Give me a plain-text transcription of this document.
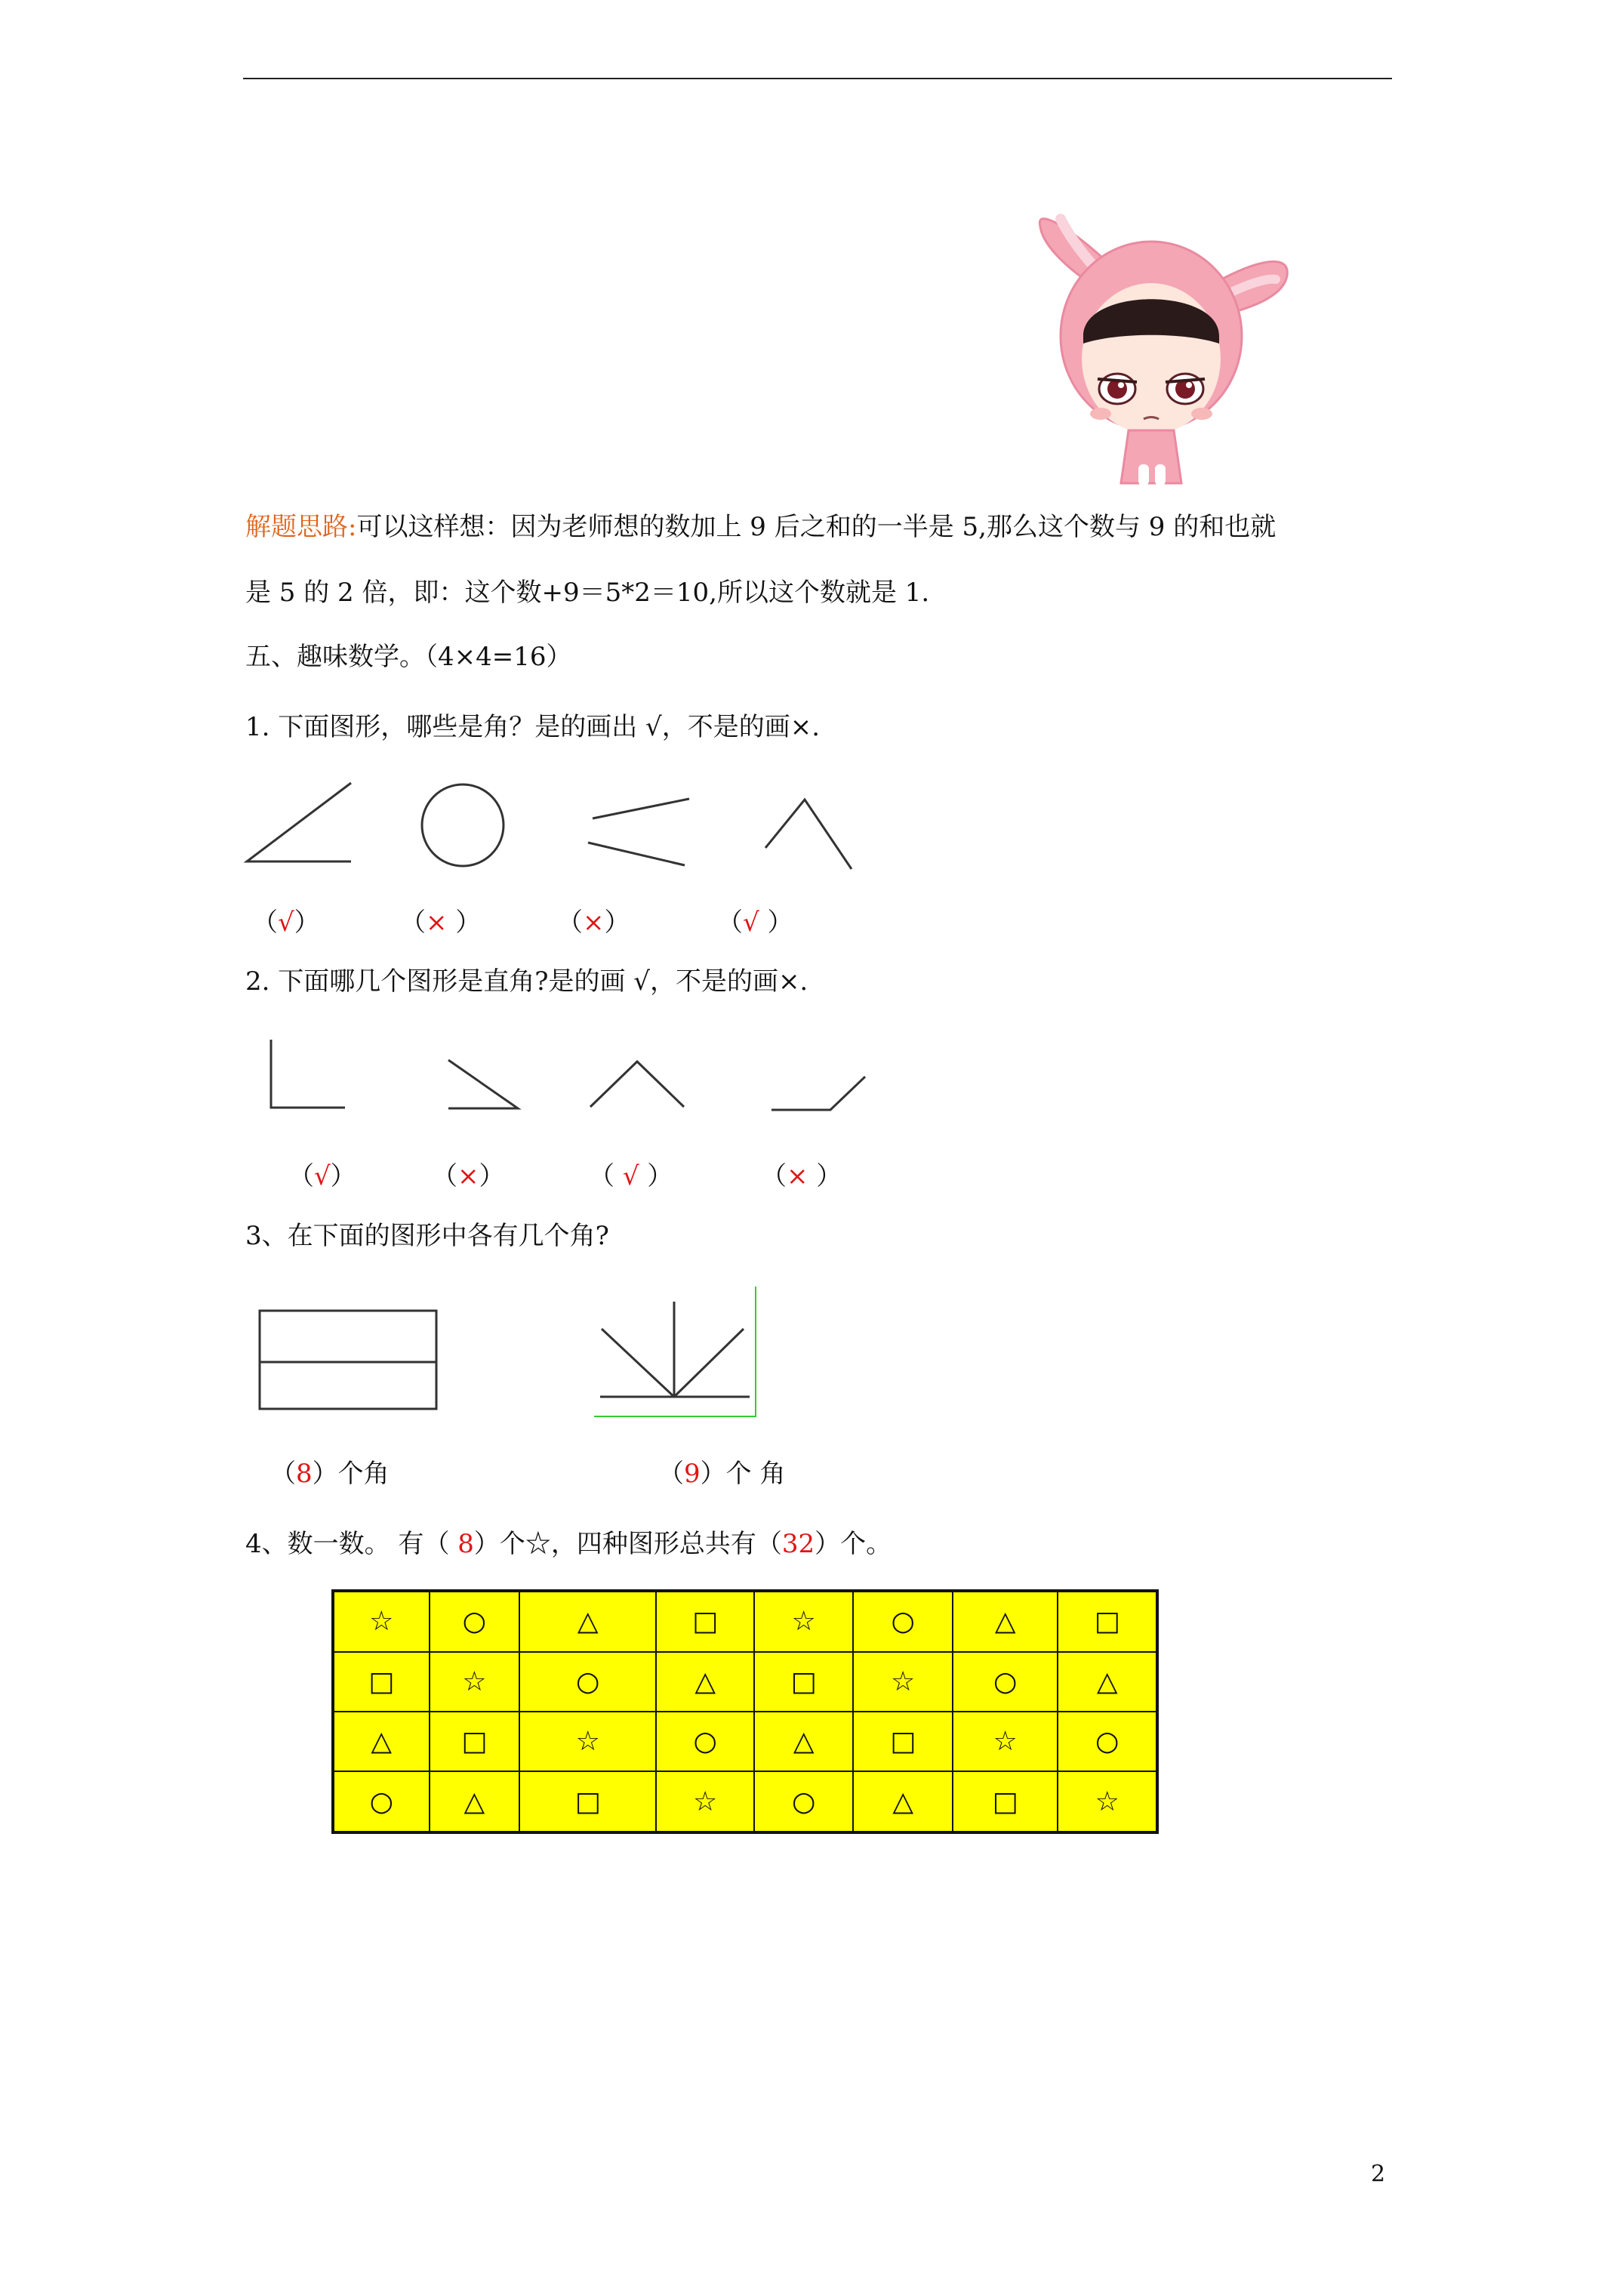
解题思路:可以这样想：因为老师想的数加上 9 后之和的一半是 5,那么这个数与 9 的和也就
是 5 的 2 倍，即：这个数+9＝5*2＝10,所以这个数就是 1.
五、趣味数学。（4×4=16）
1. 下面图形，哪些是角？是的画出 √，不是的画×.
（√）	（× ）	（×）	（√ ）
2. 下面哪几个图形是直角?是的画 √，不是的画×.
（√）	（×）	（ √ ）	（× ）
3、在下面的图形中各有几个角?
（8）个角	（9）个 角
4、数一数。 有（ 8）个☆，四种图形总共有（32）个。
☆	○	△	□	☆	○	△	□
□	☆	○	△	□	☆	○	△
△	□	☆	○	△	□	☆	○
○	△	□	☆	○	△	□	☆
2
